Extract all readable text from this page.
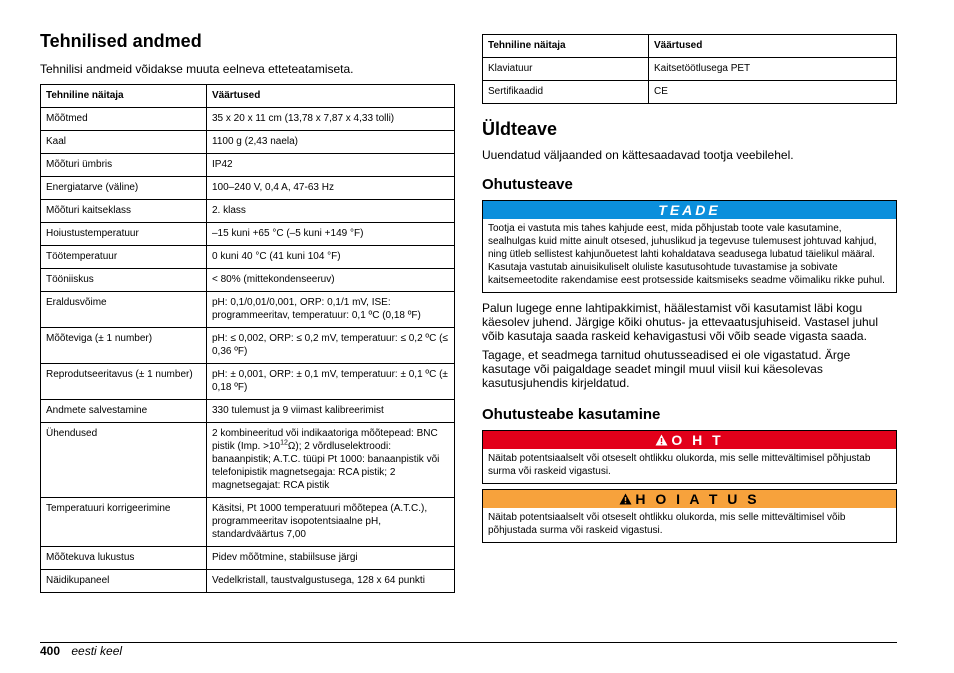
Tehnilised andmed

Tehnilisi andmeid võidakse muuta eelneva etteteatamiseta.

Tehniline näitaja	Väärtused
Mõõtmed	35 x 20 x 11 cm (13,78 x 7,87 x 4,33 tolli)
Kaal	1100 g (2,43 naela)
Mõõturi ümbris	IP42
Energiatarve (väline)	100–240 V, 0,4 A, 47-63 Hz
Mõõturi kaitseklass	2. klass
Hoiustustemperatuur	–15 kuni +65 °C (–5 kuni +149 °F)
Töötemperatuur	0 kuni 40 °C (41 kuni 104 °F)
Tööniiskus	< 80% (mittekondenseeruv)
Eraldusvõime	pH: 0,1/0,01/0,001, ORP: 0,1/1 mV, ISE: programmeeritav, temperatuur: 0,1 ºC (0,18 ºF)
Mõõteviga (± 1 number)	pH: ≤ 0,002, ORP: ≤ 0,2 mV, temperatuur: ≤ 0,2 ºC (≤ 0,36 ºF)
Reprodutseeritavus (± 1 number)	pH: ± 0,001, ORP: ± 0,1 mV, temperatuur: ± 0,1 ºC (± 0,18 ºF)
Andmete salvestamine	330 tulemust ja 9 viimast kalibreerimist
Ühendused	2 kombineeritud või indikaatoriga mõõtepead: BNC pistik (Imp. $>10^{12}\Omega$); 2 võrdluselektroodi: banaanpistik; A.T.C. tüüpi Pt 1000: banaanpistik või telefonipistik magnetsegaja: RCA pistik; 2 magnetsegajat: RCA pistik
Temperatuuri korrigeerimine	Käsitsi, Pt 1000 temperatuuri mõõtepea (A.T.C.), programmeeritav isopotentsiaalne pH, standardväärtus 7,00
Mõõtekuva lukustus	Pidev mõõtmine, stabiilsuse järgi
Näidikupaneel	Vedelkristall, taustvalgustusega, 128 x 64 punkti
Tehniline näitaja	Väärtused
Klaviatuur	Kaitsetöötlusega PET
Sertifikaadid	CE
Üldteave

Uuendatud väljaanded on kättesaadavad tootja veebilehel.

Ohutusteave
TEADE
Tootja ei vastuta mis tahes kahjude eest, mida põhjustab toote vale kasutamine, sealhulgas kuid mitte ainult otsesed, juhuslikud ja tegevuse tulemusest johtuvad kahjud, ning ütleb sellistest kahjunõuetest lahti kohaldatava seadusega lubatud täielikul määral. Kasutaja vastutab ainuisikuliselt oluliste kasutusohtude tuvastamise ja sobivate kaitsemeetodite rakendamise eest protsesside kaitsmiseks seadme võimaliku rikke puhul.

Palun lugege enne lahtipakkimist, häälestamist või kasutamist läbi kogu käesolev juhend. Järgige kõiki ohutus- ja ettevaatusjuhiseid. Vastasel juhul võib kasutaja saada raskeid kehavigastusi või võib seade vigasta saada.

Tagage, et seadmega tarnitud ohutusseadised ei ole vigastatud. Ärge kasutage või paigaldage seadet mingil muul viisil kui käesolevas kasutusjuhendis kirjeldatud.

Ohutusteabe kasutamine
O H T
Näitab potentsiaalselt või otseselt ohtlikku olukorda, mis selle mittevältimisel põhjustab surma või raskeid vigastusi.
H O I A T U S
Näitab potentsiaalselt või otseselt ohtlikku olukorda, mis selle mittevältimisel võib põhjustada surma või raskeid vigastusi.
400 eesti keel
